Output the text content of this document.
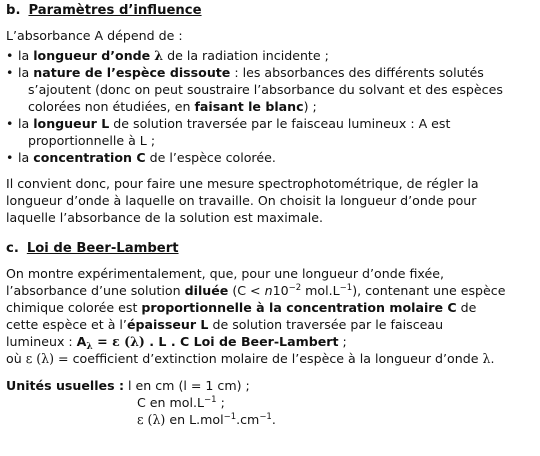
b. Paramètres d’influence

L’absorbance A dépend de :

• la longueur d’onde λ de la radiation incidente ;
• la nature de l’espèce dissoute : les absorbances des différents solutés
s’ajoutent (donc on peut soustraire l’absorbance du solvant et des espèces
colorées non étudiées, en faisant le blanc) ;
• la longueur L de solution traversée par le faisceau lumineux : A est
proportionnelle à L ;
• la concentration C de l’espèce colorée.

Il convient donc, pour faire une mesure spectrophotométrique, de régler la
longueur d’onde à laquelle on travaille. On choisit la longueur d’onde pour
laquelle l’absorbance de la solution est maximale.

c. Loi de Beer-Lambert

On montre expérimentalement, que, pour une longueur d’onde fixée,
l’absorbance d’une solution diluée ($C < n10^{-2}$ $mol.L^{-1}$), contenant une espèce
chimique colorée est proportionnelle à la concentration molaire C de
cette espèce et à l’épaisseur L de solution traversée par le faisceau
lumineux : $A_\lambda = \varepsilon$ (λ) . L . C Loi de Beer-Lambert ;
où ε (λ) = coefficient d’extinction molaire de l’espèce à la longueur d’onde λ.

Unités usuelles : l en cm (l = 1 cm) ;
C en $mol.L^{-1}$ ;
ε (λ) en $L.mol^{-1}.cm^{-1}$.
